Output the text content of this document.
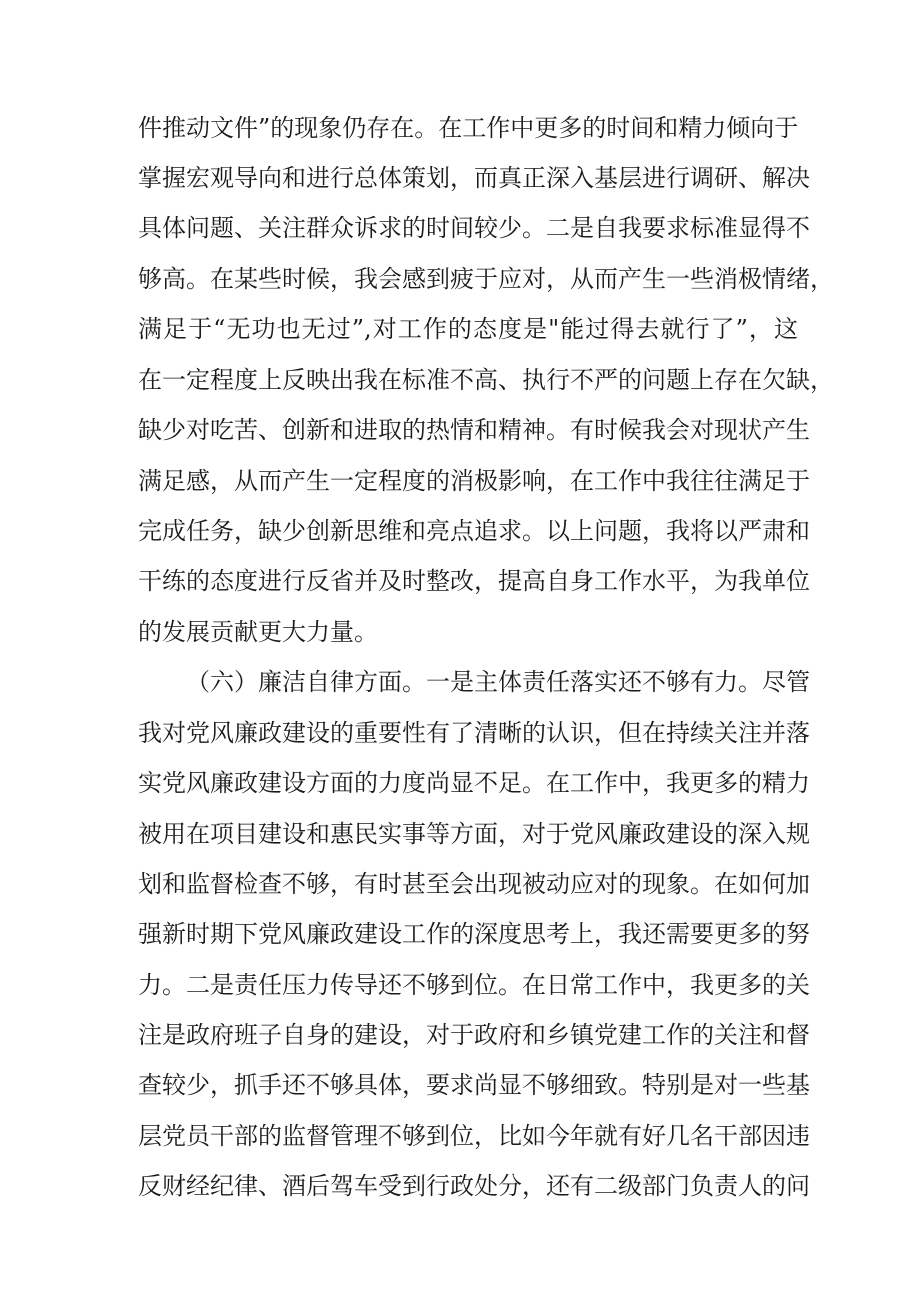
件推动文件”的现象仍存在。在工作中更多的时间和精力倾向于

掌握宏观导向和进行总体策划，而真正深入基层进行调研、解决

具体问题、关注群众诉求的时间较少。二是自我要求标准显得不

够高。在某些时候，我会感到疲于应对，从而产生一些消极情绪，

满足于“无功也无过”,对工作的态度是"能过得去就行了”，这

在一定程度上反映出我在标准不高、执行不严的问题上存在欠缺，

缺少对吃苦、创新和进取的热情和精神。有时候我会对现状产生

满足感，从而产生一定程度的消极影响，在工作中我往往满足于

完成任务，缺少创新思维和亮点追求。以上问题，我将以严肃和

干练的态度进行反省并及时整改，提高自身工作水平，为我单位

的发展贡献更大力量。

（六）廉洁自律方面。一是主体责任落实还不够有力。尽管

我对党风廉政建设的重要性有了清晰的认识，但在持续关注并落

实党风廉政建设方面的力度尚显不足。在工作中，我更多的精力

被用在项目建设和惠民实事等方面，对于党风廉政建设的深入规

划和监督检查不够，有时甚至会出现被动应对的现象。在如何加

强新时期下党风廉政建设工作的深度思考上，我还需要更多的努

力。二是责任压力传导还不够到位。在日常工作中，我更多的关

注是政府班子自身的建设，对于政府和乡镇党建工作的关注和督

查较少，抓手还不够具体，要求尚显不够细致。特别是对一些基

层党员干部的监督管理不够到位，比如今年就有好几名干部因违

反财经纪律、酒后驾车受到行政处分，还有二级部门负责人的问
